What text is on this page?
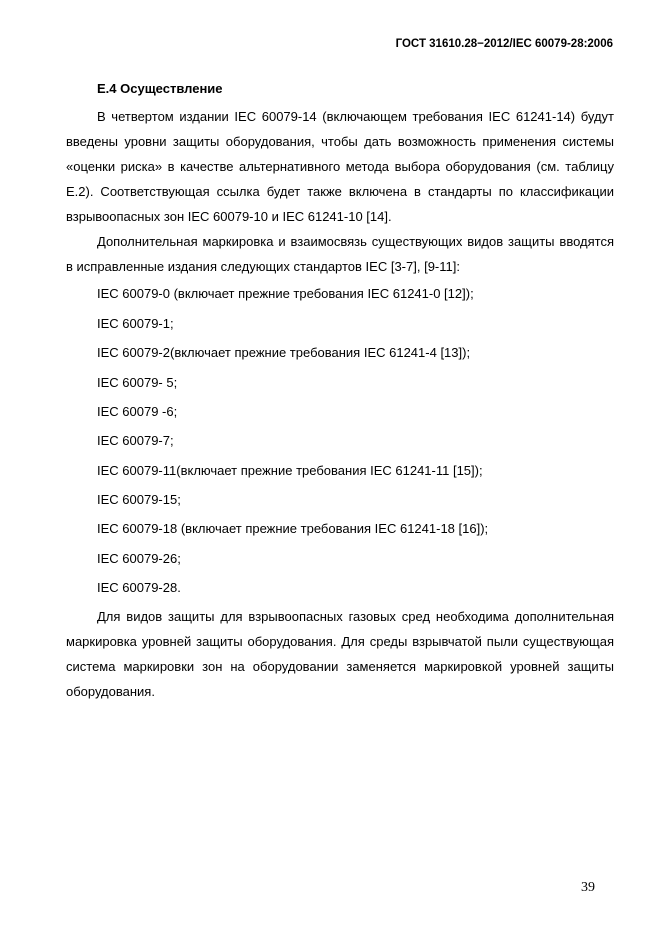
ГОСТ 31610.28−2012/IEC 60079-28:2006
Е.4 Осуществление
В четвертом издании IEC 60079-14 (включающем требования IEC 61241-14) будут введены уровни защиты оборудования, чтобы дать возможность применения системы «оценки риска» в качестве альтернативного метода выбора оборудования (см. таблицу Е.2). Соответствующая ссылка будет также включена в стандарты по классификации взрывоопасных зон IEC 60079-10 и IEC 61241-10 [14].
Дополнительная маркировка и взаимосвязь существующих видов защиты вводятся в исправленные издания следующих стандартов IEC [3-7], [9-11]:
IEC 60079-0 (включает прежние требования IEC 61241-0 [12]);
IEC 60079-1;
IEC 60079-2(включает прежние требования IEC 61241-4 [13]);
IEC 60079- 5;
IEC 60079 -6;
IEC 60079-7;
IEC 60079-11(включает прежние требования IEC 61241-11 [15]);
IEC 60079-15;
IEC 60079-18 (включает прежние требования IEC 61241-18 [16]);
IEC 60079-26;
IEC 60079-28.
Для видов защиты для взрывоопасных газовых сред необходима дополнительная маркировка уровней защиты оборудования. Для среды взрывчатой пыли существующая система маркировки зон на оборудовании заменяется маркировкой уровней защиты оборудования.
39
